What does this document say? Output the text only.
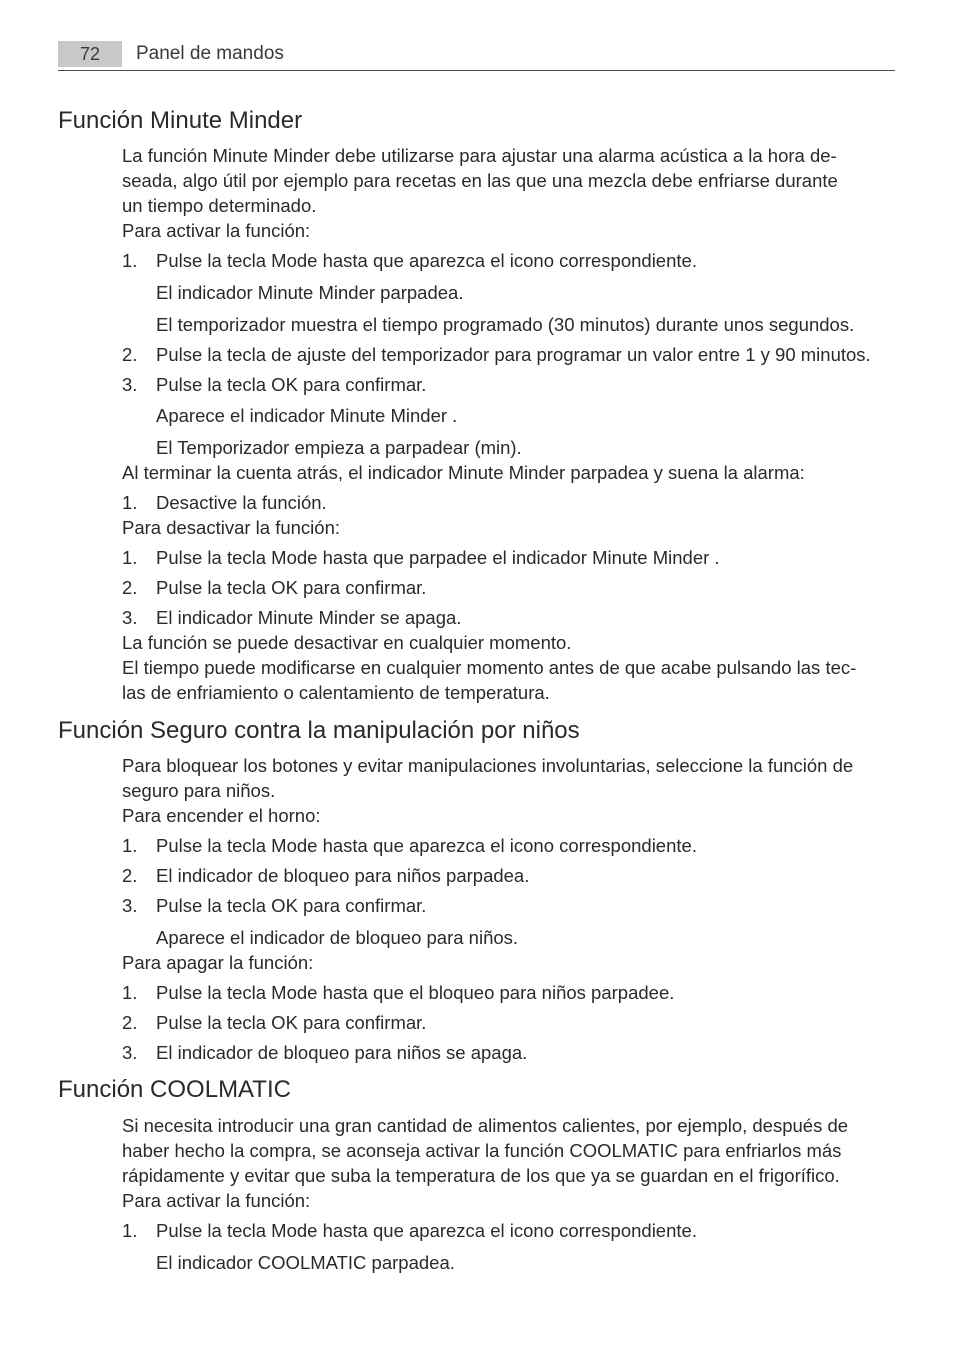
72	Panel de mandos
Función Minute Minder

La función Minute Minder debe utilizarse para ajustar una alarma acústica a la hora de-

seada, algo útil por ejemplo para recetas en las que una mezcla debe enfriarse durante

un tiempo determinado.

Para activar la función:

1. Pulse la tecla Mode hasta que aparezca el icono correspondiente.
El indicador Minute Minder parpadea.
El temporizador muestra el tiempo programado (30 minutos) durante unos segundos.
2. Pulse la tecla de ajuste del temporizador para programar un valor entre 1 y 90 minutos.
3. Pulse la tecla OK para confirmar.
Aparece el indicador Minute Minder .
El Temporizador empieza a parpadear (min).

Al terminar la cuenta atrás, el indicador Minute Minder parpadea y suena la alarma:

1. Desactive la función.

Para desactivar la función:

1. Pulse la tecla Mode hasta que parpadee el indicador Minute Minder .
2. Pulse la tecla OK para confirmar.
3. El indicador Minute Minder se apaga.

La función se puede desactivar en cualquier momento.

El tiempo puede modificarse en cualquier momento antes de que acabe pulsando las tec-

las de enfriamiento o calentamiento de temperatura.

Función Seguro contra la manipulación por niños

Para bloquear los botones y evitar manipulaciones involuntarias, seleccione la función de

seguro para niños.

Para encender el horno:

1. Pulse la tecla Mode hasta que aparezca el icono correspondiente.
2. El indicador de bloqueo para niños parpadea.
3. Pulse la tecla OK para confirmar.
Aparece el indicador de bloqueo para niños.

Para apagar la función:

1. Pulse la tecla Mode hasta que el bloqueo para niños parpadee.
2. Pulse la tecla OK para confirmar.
3. El indicador de bloqueo para niños se apaga.
Función COOLMATIC

Si necesita introducir una gran cantidad de alimentos calientes, por ejemplo, después de

haber hecho la compra, se aconseja activar la función COOLMATIC para enfriarlos más

rápidamente y evitar que suba la temperatura de los que ya se guardan en el frigorífico.

Para activar la función:

1. Pulse la tecla Mode hasta que aparezca el icono correspondiente.
El indicador COOLMATIC parpadea.
